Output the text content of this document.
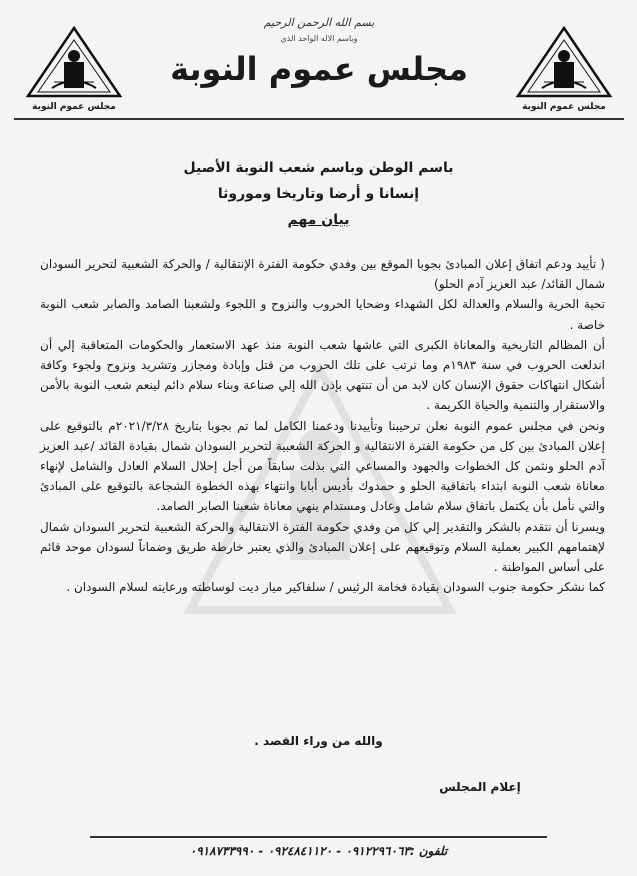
مجلس عموم النوبة
بسم الله الرحمن الرحيم
وباسم الاله الواحد الذي
مجلس عموم النوبة
مجلس عموم النوبة
باسم الوطن وباسم شعب النوبة الأصيل
إنسانا و أرضا وتاريخا وموروثا
بيان مهم

( تأييد ودعم اتفاق إعلان المبادئ بجوبا الموقع بين وفدي حكومة الفترة الإنتقالية / والحركة الشعبية لتحرير السودان شمال القائد/ عبد العزيز آدم الحلو)

تحية الحرية والسلام والعدالة لكل الشهداء وضحايا الحروب والنزوح و اللجوء ولشعبنا الصامد والصابر شعب النوبة خاصة .

أن المظالم التاريخية والمعاناة الكبرى التي عاشها شعب النوبة منذ عهد الاستعمار والحكومات المتعاقبة إلي أن اندلعت الحروب في سنة ١٩٨٣م وما ترتب على تلك الحروب من قتل وإبادة ومجازر وتشريد ونزوح ولجوء وكافة أشكال انتهاكات حقوق الإنسان كان لابد من أن تنتهي بإذن الله إلي صناعة وبناء سلام دائم لينعم شعب النوبة بالأمن والاستقرار والتنمية والحياة الكريمة .

ونحن في مجلس عموم النوبة نعلن ترحيبنا وتأييدنا ودعمنا الكامل لما تم بجوبا بتاريخ ٢٠٢١/٣/٢٨م بالتوقيع على إعلان المبادئ بين كل من حكومة الفترة الانتقالية و الحركة الشعبية لتحرير السودان شمال بقيادة القائد /عبد العزيز آدم الحلو ونثمن كل الخطوات والجهود والمساعي التي بذلت سابقاً من أجل إحلال السلام العادل والشامل لإنهاء معاناة شعب النوبة ابتداء باتفاقية الحلو و حمدوك بأديس أبابا وانتهاء بهذه الخطوة الشجاعة بالتوقيع على المبادئ والتي نأمل بأن يكتمل باتفاق سلام شامل وعادل ومستدام ينهي معاناة شعبنا الصابر الصامد.

ويسرنا أن نتقدم بالشكر والتقدير إلي كل من وفدي حكومة الفترة الانتقالية والحركة الشعبية لتحرير السودان شمال لإهتمامهم الكبير بعملية السلام وتوقيعهم على إعلان المبادئ والذي يعتبر خارطة طريق وضماناً لسودان موحد قائم على أساس المواطنة .

كما نشكر حكومة جنوب السودان بقيادة فخامة الرئيس / سلفاكير ميار ديت لوساطته ورعايته لسلام السودان .

والله من وراء القصد .
إعلام المجلس
تلفون :٠٩١٢٢٩٦٠٦٣ - ٠٩٢٤٨٤١١٢٠ - ٠٩١٨٧٣٣٩٩٠
